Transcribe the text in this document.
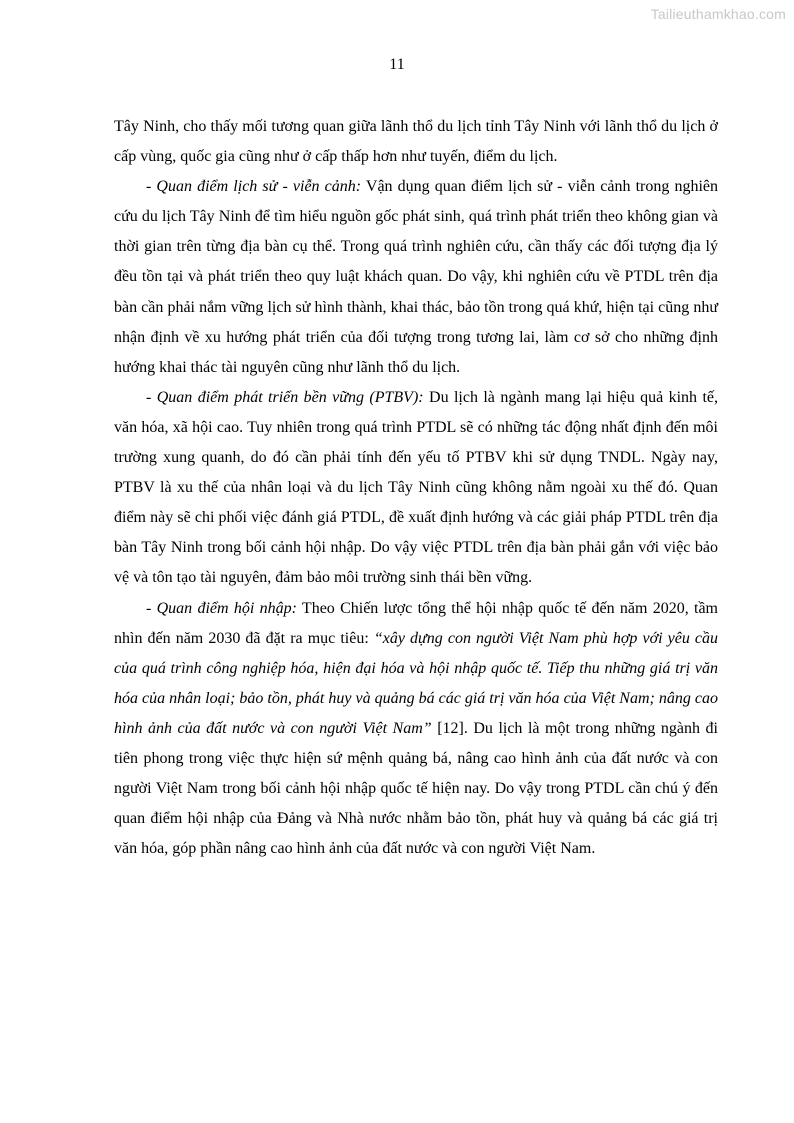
Tailieuthamkhao.com
11

Tây Ninh, cho thấy mối tương quan giữa lãnh thổ du lịch tỉnh Tây Ninh với lãnh thổ du lịch ở cấp vùng, quốc gia cũng như ở cấp thấp hơn như tuyến, điểm du lịch.

- Quan điểm lịch sử - viễn cảnh: Vận dụng quan điểm lịch sử - viễn cảnh trong nghiên cứu du lịch Tây Ninh để tìm hiểu nguồn gốc phát sinh, quá trình phát triển theo không gian và thời gian trên từng địa bàn cụ thể. Trong quá trình nghiên cứu, cần thấy các đối tượng địa lý đều tồn tại và phát triển theo quy luật khách quan. Do vậy, khi nghiên cứu về PTDL trên địa bàn cần phải nắm vững lịch sử hình thành, khai thác, bảo tồn trong quá khứ, hiện tại cũng như nhận định về xu hướng phát triển của đối tượng trong tương lai, làm cơ sở cho những định hướng khai thác tài nguyên cũng như lãnh thổ du lịch.

- Quan điểm phát triển bền vững (PTBV): Du lịch là ngành mang lại hiệu quả kinh tế, văn hóa, xã hội cao. Tuy nhiên trong quá trình PTDL sẽ có những tác động nhất định đến môi trường xung quanh, do đó cần phải tính đến yếu tố PTBV khi sử dụng TNDL. Ngày nay, PTBV là xu thế của nhân loại và du lịch Tây Ninh cũng không nằm ngoài xu thế đó. Quan điểm này sẽ chi phối việc đánh giá PTDL, đề xuất định hướng và các giải pháp PTDL trên địa bàn Tây Ninh trong bối cảnh hội nhập. Do vậy việc PTDL trên địa bàn phải gắn với việc bảo vệ và tôn tạo tài nguyên, đảm bảo môi trường sinh thái bền vững.

- Quan điểm hội nhập: Theo Chiến lược tổng thể hội nhập quốc tế đến năm 2020, tầm nhìn đến năm 2030 đã đặt ra mục tiêu: “xây dựng con người Việt Nam phù hợp với yêu cầu của quá trình công nghiệp hóa, hiện đại hóa và hội nhập quốc tế. Tiếp thu những giá trị văn hóa của nhân loại; bảo tồn, phát huy và quảng bá các giá trị văn hóa của Việt Nam; nâng cao hình ảnh của đất nước và con người Việt Nam” [12]. Du lịch là một trong những ngành đi tiên phong trong việc thực hiện sứ mệnh quảng bá, nâng cao hình ảnh của đất nước và con người Việt Nam trong bối cảnh hội nhập quốc tế hiện nay. Do vậy trong PTDL cần chú ý đến quan điểm hội nhập của Đảng và Nhà nước nhằm bảo tồn, phát huy và quảng bá các giá trị văn hóa, góp phần nâng cao hình ảnh của đất nước và con người Việt Nam.
